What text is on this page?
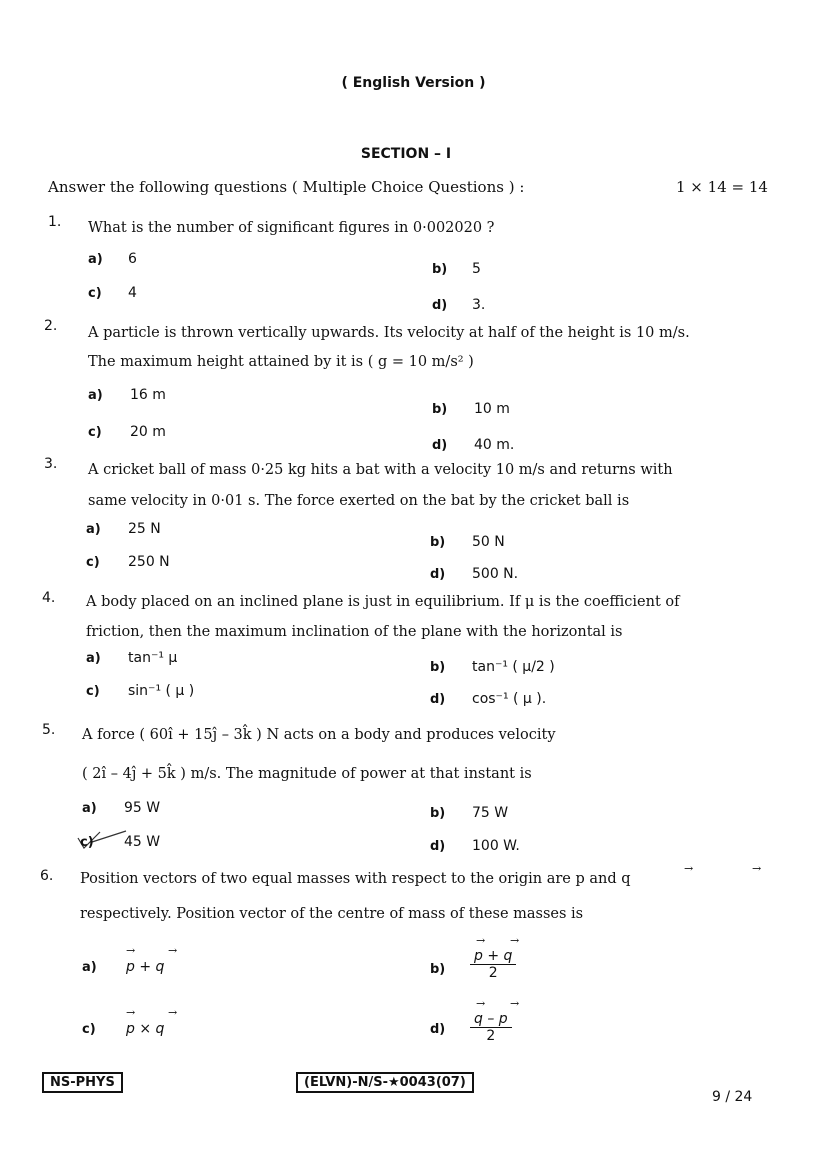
( English Version )
SECTION – I
Answer the following questions ( Multiple Choice Questions ) :	1 × 14 = 14
1. What is the number of significant figures in 0·002020 ?
a) 6
b) 5
c) 4
d) 3.
2. A particle is thrown vertically upwards. Its velocity at half of the height is 10 m/s.
The maximum height attained by it is ( g = 10 m/s² )
a) 16 m
b) 10 m
c) 20 m
d) 40 m.
3. A cricket ball of mass 0·25 kg hits a bat with a velocity 10 m/s and returns with
same velocity in 0·01 s. The force exerted on the bat by the cricket ball is
a) 25 N
b) 50 N
c) 250 N
d) 500 N.
4. A body placed on an inclined plane is just in equilibrium. If μ is the coefficient of
friction, then the maximum inclination of the plane with the horizontal is
a) tan⁻¹ μ
b) tan⁻¹ ( μ/2 )
c) sin⁻¹ ( μ )
d) cos⁻¹ ( μ ).
5. A force ( 60î + 15ĵ – 3k̂ ) N acts on a body and produces velocity
( 2î – 4ĵ + 5k̂ ) m/s. The magnitude of power at that instant is
a) 95 W	b) 75 W
c) 45 W	d) 100 W.
6. Position vectors of two equal masses with respect to the origin are p and q
respectively. Position vector of the centre of mass of these masses is
a) p + q	$b) \frac{p + q}{2}$
c) p × q	$d) \frac{q - p}{2}$
→	→
→	→
→	→
→ →
→ →
NS-PHYS	(ELVN)-N/S-★0043(07)
9 / 24
